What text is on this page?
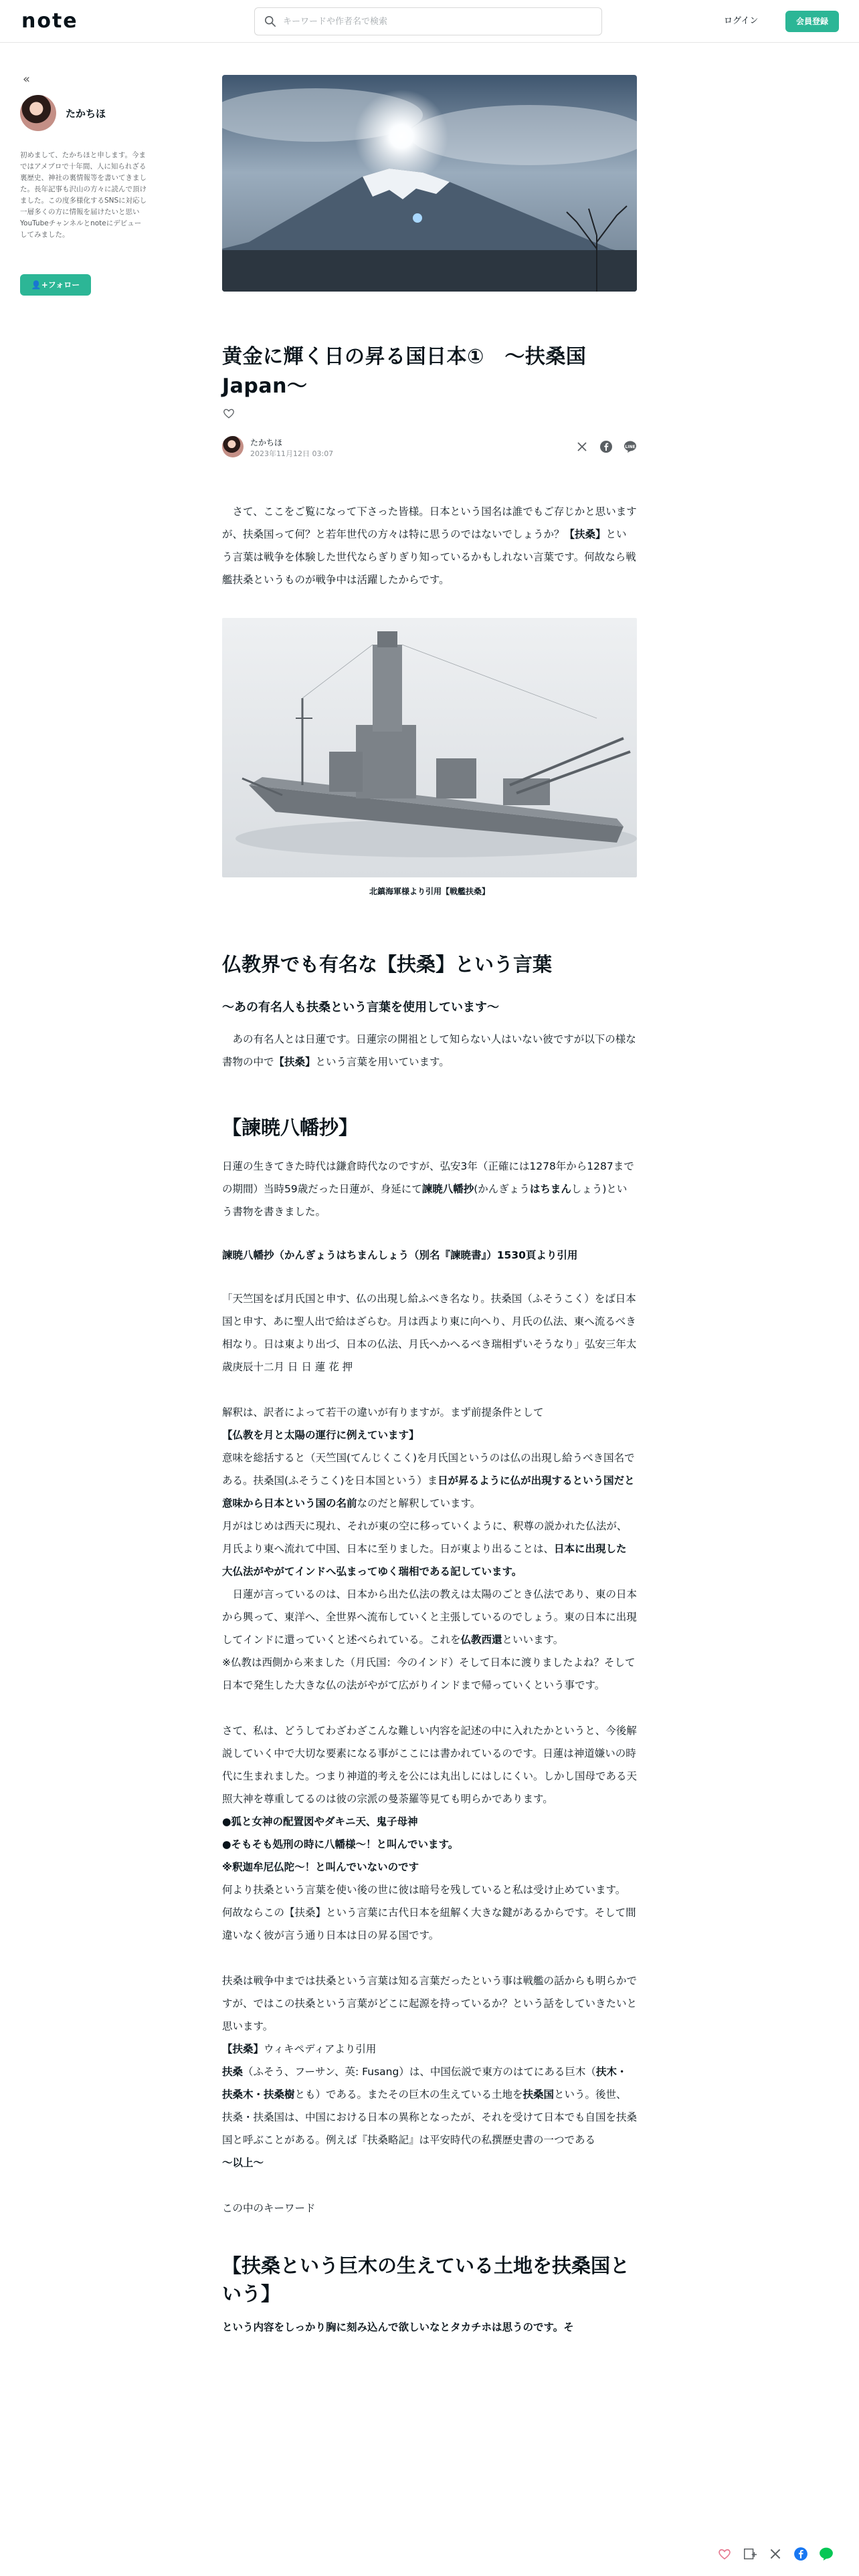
note
キーワードや作者名で検索	ログイン	会員登録
«
たかちほ
初めまして、たかちほと申します。今まではアメブロで十年間、人に知られざる裏歴史、神社の裏情報等を書いてきました。長年記事も沢山の方々に読んで頂けました。この度多様化するSNSに対応し一層多くの方に情報を届けたいと思いYouTubeチャンネルとnoteにデビューしてみました。
👤+フォロー
黄金に輝く日の昇る国日本①　～扶桑国Japan～
たかちほ
2023年11月12日 03:07
LINE

　さて、ここをご覧になって下さった皆様。日本という国名は誰でもご存じかと思いますが、扶桑国って何？と若年世代の方々は特に思うのではないでしょうか？【扶桑】という言葉は戦争を体験した世代ならぎりぎり知っているかもしれない言葉です。何故なら戦艦扶桑というものが戦争中は活躍したからです。

北鎮海軍様より引用【戦艦扶桑】
仏教界でも有名な【扶桑】という言葉
～あの有名人も扶桑という言葉を使用しています～

　あの有名人とは日蓮です。日蓮宗の開祖として知らない人はいない彼ですが以下の様な書物の中で【扶桑】という言葉を用いています。

【諫暁八幡抄】

日蓮の生きてきた時代は鎌倉時代なのですが、弘安3年（正確には1278年から1287までの期間）当時59歳だった日蓮が、身延にて諫暁八幡抄(かんぎょうはちまんしょう)という書物を書きました。

諫暁八幡抄（かんぎょうはちまんしょう（別名『諫暁書』）1530頁より引用

「天竺国をば月氏国と申す、仏の出現し給ふべき名なり。扶桑国（ふそうこく）をば日本国と申す、あに聖人出で給はざらむ。月は西より東に向へり、月氏の仏法、東へ流るべき相なり。日は東より出づ、日本の仏法、月氏へかへるべき瑞相ずいそうなり」弘安三年太歳庚辰十二月 日 日 蓮 花 押

解釈は、訳者によって若干の違いが有りますが。まず前提条件として
【仏教を月と太陽の運行に例えています】
意味を総括すると（天竺国(てんじくこく)を月氏国というのは仏の出現し給うべき国名である。扶桑国(ふそうこく)を日本国という）ま日が昇るように仏が出現するという国だと意味から日本という国の名前なのだと解釈しています。
月がはじめは西天に現れ、それが東の空に移っていくように、釈尊の説かれた仏法が、月氏より東へ流れて中国、日本に至りました。日が東より出ることは、日本に出現した大仏法がやがてインドへ弘まってゆく瑞相である記しています。
　日蓮が言っているのは、日本から出た仏法の教えは太陽のごとき仏法であり、東の日本から興って、東洋へ、全世界へ流布していくと主張しているのでしょう。東の日本に出現してインドに還っていくと述べられている。これを仏教西還といいます。
※仏教は西側から来ました（月氏国：今のインド）そして日本に渡りましたよね？そして日本で発生した大きな仏の法がやがて広がりインドまで帰っていくという事です。

さて、私は、どうしてわざわざこんな難しい内容を記述の中に入れたかというと、今後解説していく中で大切な要素になる事がここには書かれているのです。日蓮は神道嫌いの時代に生まれました。つまり神道的考えを公には丸出しにはしにくい。しかし国母である天照大神を尊重してるのは彼の宗派の曼荼羅等見ても明らかであります。
●狐と女神の配置図やダキニ天、鬼子母神
●そもそも処刑の時に八幡様～！と叫んでいます。
※釈迦牟尼仏陀～！と叫んでいないのです
何より扶桑という言葉を使い後の世に彼は暗号を残していると私は受け止めています。
何故ならこの【扶桑】という言葉に古代日本を紐解く大きな鍵があるからです。そして間違いなく彼が言う通り日本は日の昇る国です。

扶桑は戦争中までは扶桑という言葉は知る言葉だったという事は戦艦の話からも明らかですが、ではこの扶桑という言葉がどこに起源を持っているか？という話をしていきたいと思います。
【扶桑】ウィキペディアより引用
扶桑（ふそう、フーサン、英: Fusang）は、中国伝説で東方のはてにある巨木（扶木・扶桑木・扶桑樹とも）である。またその巨木の生えている土地を扶桑国という。後世、扶桑・扶桑国は、中国における日本の異称となったが、それを受けて日本でも自国を扶桑国と呼ぶことがある。例えば『扶桑略記』は平安時代の私撰歴史書の一つである
～以上～

この中のキーワード

【扶桑という巨木の生えている土地を扶桑国という】

という内容をしっかり胸に刻み込んで欲しいなとタカチホは思うのです。そ
